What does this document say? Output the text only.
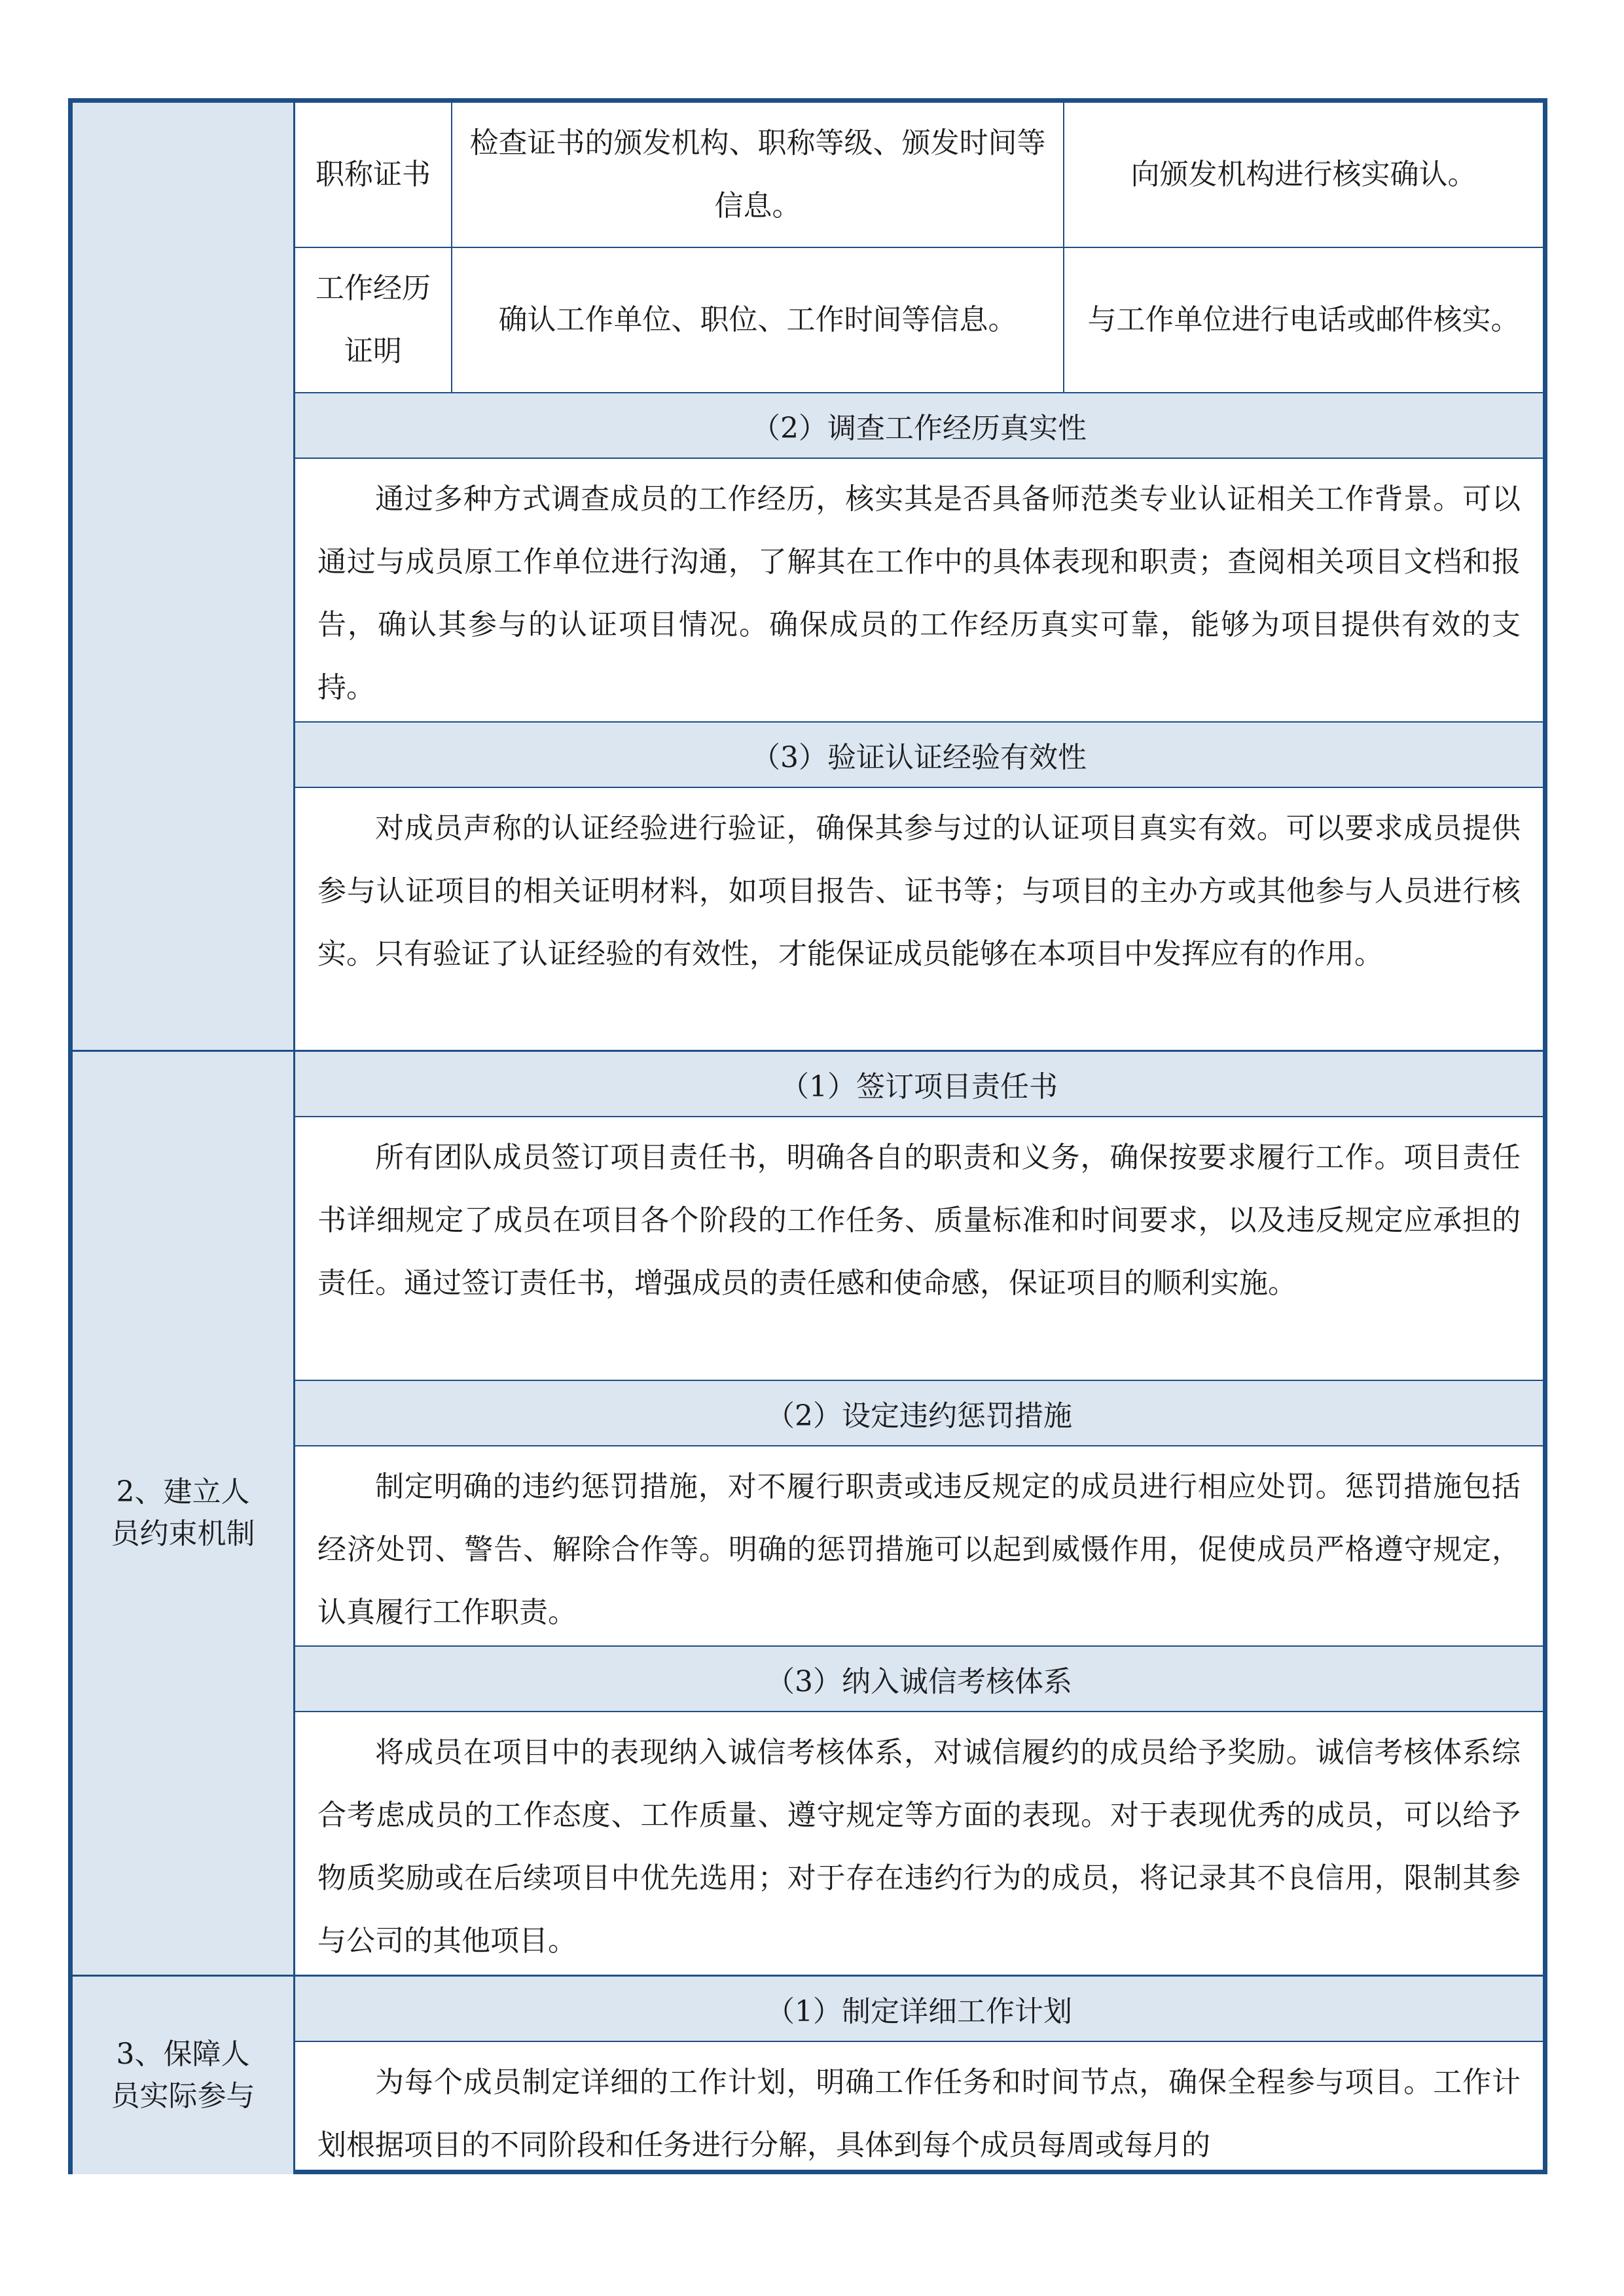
2、建立人
员约束机制
3、保障人
员实际参与
职称证书
检查证书的颁发机构、职称等级、颁发时间等信息。
向颁发机构进行核实确认。
工作经历证明
确认工作单位、职位、工作时间等信息。 与工作单位进行电话或邮件核实。
（2）调查工作经历真实性
通过多种方式调查成员的工作经历，核实其是否具备师范类专业认证相关工作背景。可以通过与成员原工作单位进行沟通，了解其在工作中的具体表现和职责；查阅相关项目文档和报告，确认其参与的认证项目情况。确保成员的工作经历真实可靠，能够为项目提供有效的支持。
（3）验证认证经验有效性
对成员声称的认证经验进行验证，确保其参与过的认证项目真实有效。可以要求成员提供参与认证项目的相关证明材料，如项目报告、证书等；与项目的主办方或其他参与人员进行核实。只有验证了认证经验的有效性，才能保证成员能够在本项目中发挥应有的作用。
（1）签订项目责任书
所有团队成员签订项目责任书，明确各自的职责和义务，确保按要求履行工作。项目责任书详细规定了成员在项目各个阶段的工作任务、质量标准和时间要求，以及违反规定应承担的责任。通过签订责任书，增强成员的责任感和使命感，保证项目的顺利实施。
（2）设定违约惩罚措施
制定明确的违约惩罚措施，对不履行职责或违反规定的成员进行相应处罚。惩罚措施包括经济处罚、警告、解除合作等。明确的惩罚措施可以起到威慑作用，促使成员严格遵守规定，认真履行工作职责。
（3）纳入诚信考核体系
将成员在项目中的表现纳入诚信考核体系，对诚信履约的成员给予奖励。诚信考核体系综合考虑成员的工作态度、工作质量、遵守规定等方面的表现。对于表现优秀的成员，可以给予物质奖励或在后续项目中优先选用；对于存在违约行为的成员，将记录其不良信用，限制其参与公司的其他项目。
（1）制定详细工作计划
为每个成员制定详细的工作计划，明确工作任务和时间节点，确保全程参与项目。工作计划根据项目的不同阶段和任务进行分解，具体到每个成员每周或每月的
